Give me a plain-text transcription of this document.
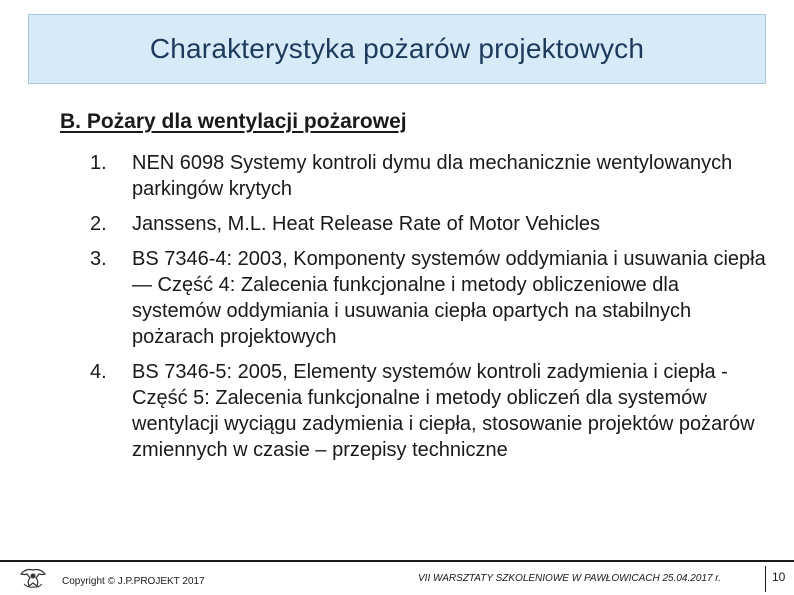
Charakterystyka pożarów projektowych
B. Pożary dla wentylacji pożarowej
1.	NEN 6098 Systemy kontroli dymu dla mechanicznie wentylowanych parkingów krytych
2.	Janssens, M.L. Heat Release Rate of Motor Vehicles
3.	BS 7346-4: 2003, Komponenty systemów oddymiania i usuwania ciepła — Część 4: Zalecenia funkcjonalne i metody obliczeniowe dla systemów oddymiania i usuwania ciepła opartych na stabilnych pożarach projektowych
4.	BS 7346-5: 2005, Elementy systemów kontroli zadymienia i ciepła - Część 5: Zalecenia funkcjonalne i metody obliczeń dla systemów wentylacji wyciągu zadymienia i ciepła, stosowanie projektów pożarów zmiennych w czasie – przepisy techniczne
Copyright © J.P.PROJEKT 2017	VII WARSZTATY SZKOLENIOWE W PAWŁOWICACH 25.04.2017 r.	10
